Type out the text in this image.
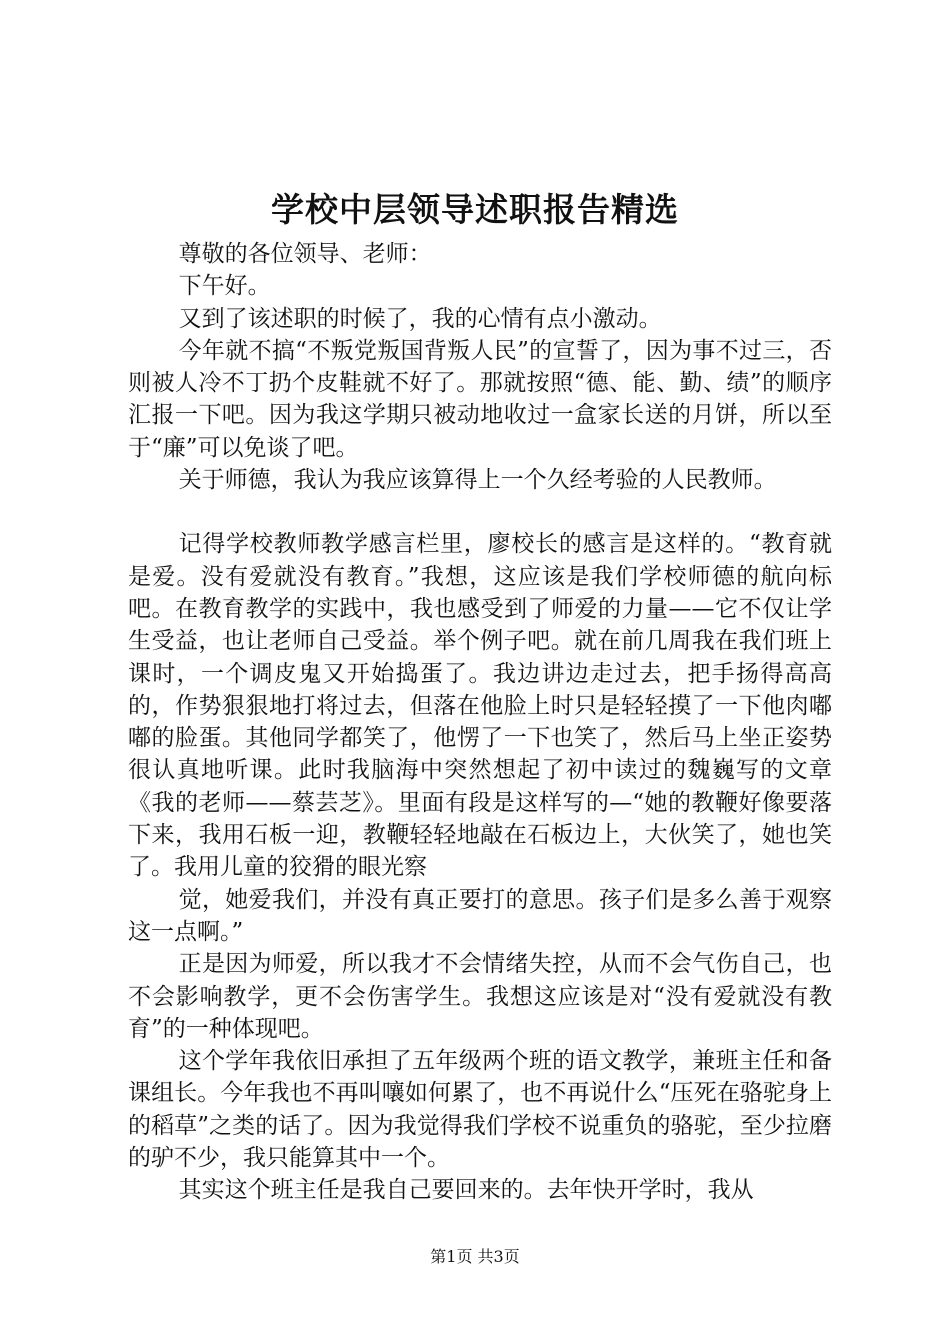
学校中层领导述职报告精选

尊敬的各位领导、老师：

下午好。

又到了该述职的时候了，我的心情有点小激动。

今年就不搞“不叛党叛国背叛人民”的宣誓了，因为事不过三，否则被人冷不丁扔个皮鞋就不好了。那就按照“德、能、勤、绩”的顺序汇报一下吧。因为我这学期只被动地收过一盒家长送的月饼，所以至于“廉”可以免谈了吧。

关于师德，我认为我应该算得上一个久经考验的人民教师。

记得学校教师教学感言栏里，廖校长的感言是这样的。“教育就是爱。没有爱就没有教育。”我想，这应该是我们学校师德的航向标吧。在教育教学的实践中，我也感受到了师爱的力量——它不仅让学生受益，也让老师自己受益。举个例子吧。就在前几周我在我们班上课时，一个调皮鬼又开始捣蛋了。我边讲边走过去，把手扬得高高的，作势狠狠地打将过去，但落在他脸上时只是轻轻摸了一下他肉嘟嘟的脸蛋。其他同学都笑了，他愣了一下也笑了，然后马上坐正姿势很认真地听课。此时我脑海中突然想起了初中读过的魏巍写的文章《我的老师——蔡芸芝》。里面有段是这样写的—“她的教鞭好像要落下来，我用石板一迎，教鞭轻轻地敲在石板边上，大伙笑了，她也笑了。我用儿童的狡猾的眼光察

觉，她爱我们，并没有真正要打的意思。孩子们是多么善于观察这一点啊。”

正是因为师爱，所以我才不会情绪失控，从而不会气伤自己，也不会影响教学，更不会伤害学生。我想这应该是对“没有爱就没有教育”的一种体现吧。

这个学年我依旧承担了五年级两个班的语文教学，兼班主任和备课组长。今年我也不再叫嚷如何累了，也不再说什么“压死在骆驼身上的稻草”之类的话了。因为我觉得我们学校不说重负的骆驼，至少拉磨的驴不少，我只能算其中一个。

其实这个班主任是我自己要回来的。去年快开学时，我从

第1页 共3页
